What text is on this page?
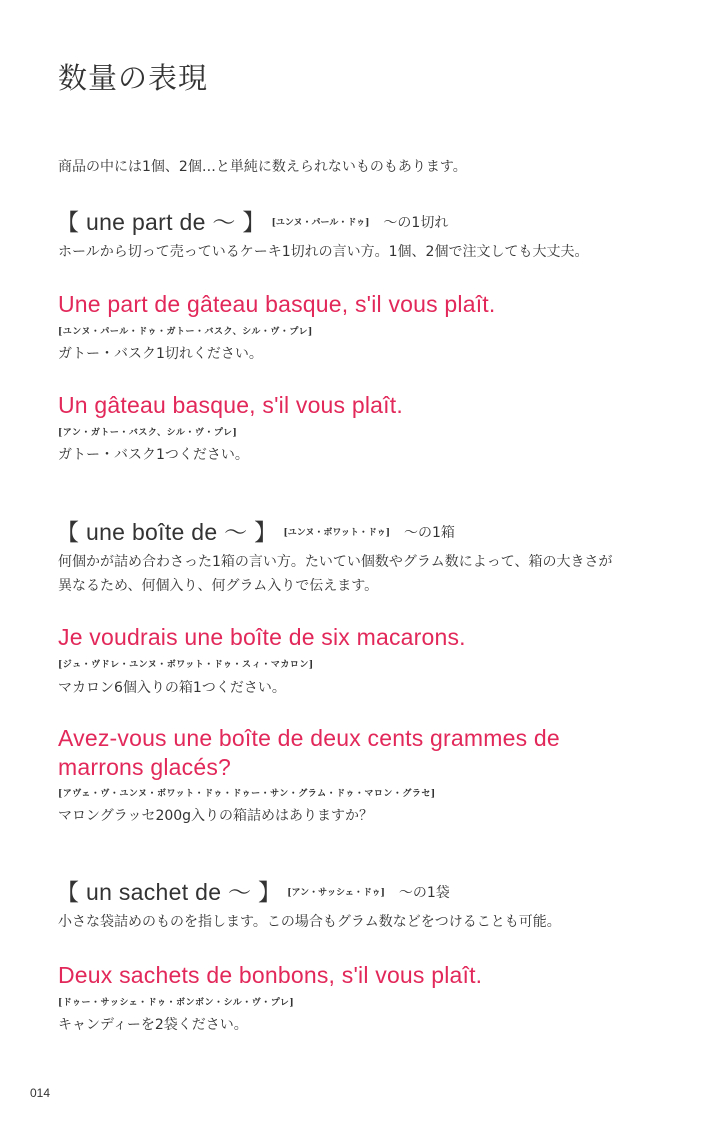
数量の表現

商品の中には1個、2個…と単純に数えられないものもあります。

【 une part de 〜 】 [ユンヌ・パール・ドゥ] 〜の1切れ
ホールから切って売っているケーキ1切れの言い方。1個、2個で注文しても大丈夫。
Une part de gâteau basque, s'il vous plaît.
[ユンヌ・パール・ドゥ・ガトー・バスク、シル・ヴ・プレ]
ガトー・バスク1切れください。
Un gâteau basque, s'il vous plaît.
[アン・ガトー・バスク、シル・ヴ・プレ]
ガトー・バスク1つください。
【 une boîte de 〜 】 [ユンヌ・ボワット・ドゥ] 〜の1箱
何個かが詰め合わさった1箱の言い方。たいてい個数やグラム数によって、箱の大きさが異なるため、何個入り、何グラム入りで伝えます。
Je voudrais une boîte de six macarons.
[ジュ・ヴドレ・ユンヌ・ボワット・ドゥ・スィ・マカロン]
マカロン6個入りの箱1つください。
Avez-vous une boîte de deux cents grammes de marrons glacés?
[アヴェ・ヴ・ユンヌ・ボワット・ドゥ・ドゥー・サン・グラム・ドゥ・マロン・グラセ]
マロングラッセ200g入りの箱詰めはありますか？
【 un sachet de 〜 】 [アン・サッシェ・ドゥ] 〜の1袋
小さな袋詰めのものを指します。この場合もグラム数などをつけることも可能。
Deux sachets de bonbons, s'il vous plaît.
[ドゥー・サッシェ・ドゥ・ボンボン・シル・ヴ・プレ]
キャンディーを2袋ください。
014
